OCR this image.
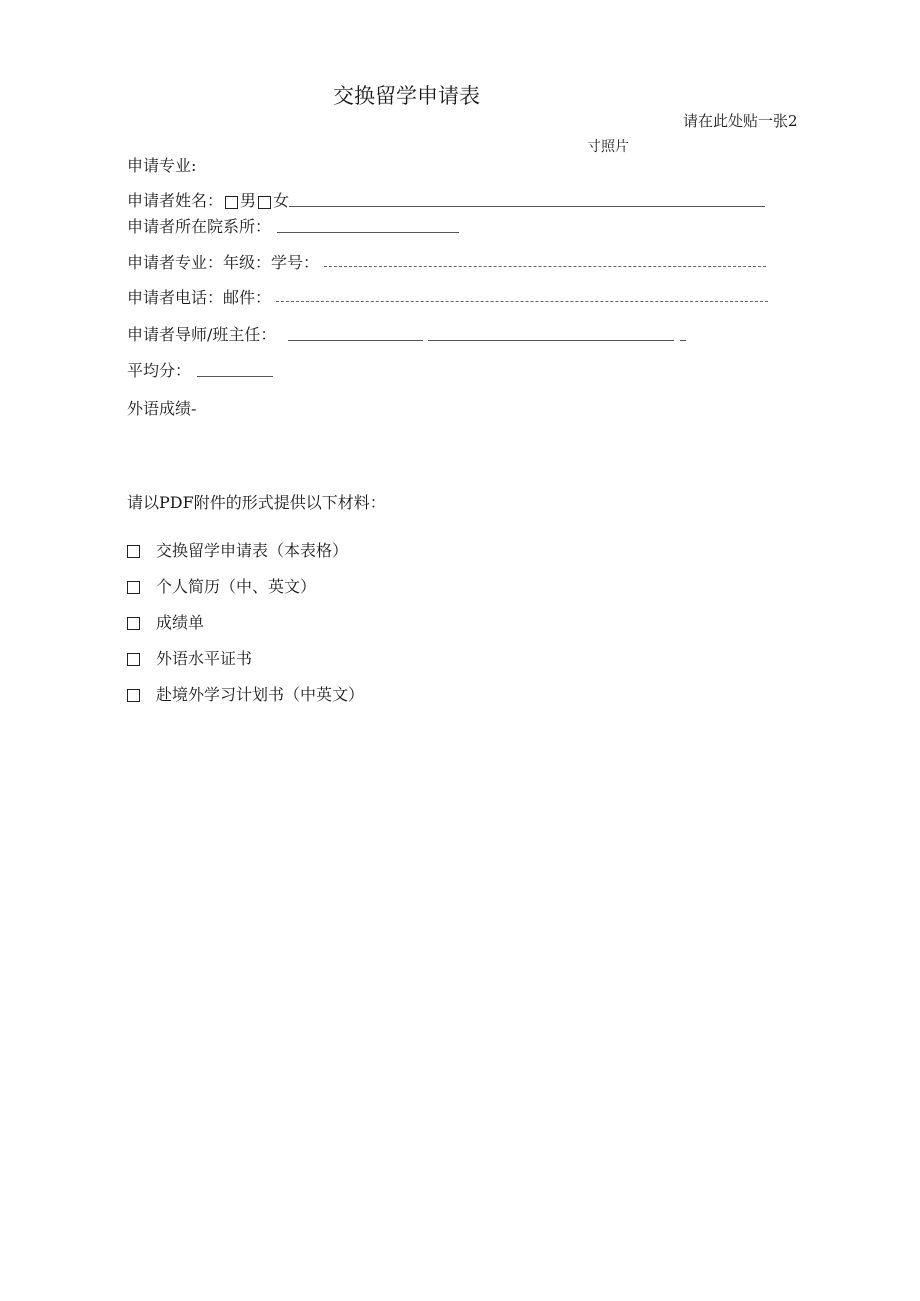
交换留学申请表
请在此处贴一张2
寸照片
申请专业:
申请者姓名： 男 女
申请者所在院系所：
申请者专业：年级：学号：
申请者电话：邮件：
申请者导师/班主任：
平均分：
外语成绩-
请以PDF附件的形式提供以下材料：
交换留学申请表（本表格）
个人简历（中、英文）
成绩单
外语水平证书
赴境外学习计划书（中英文）
